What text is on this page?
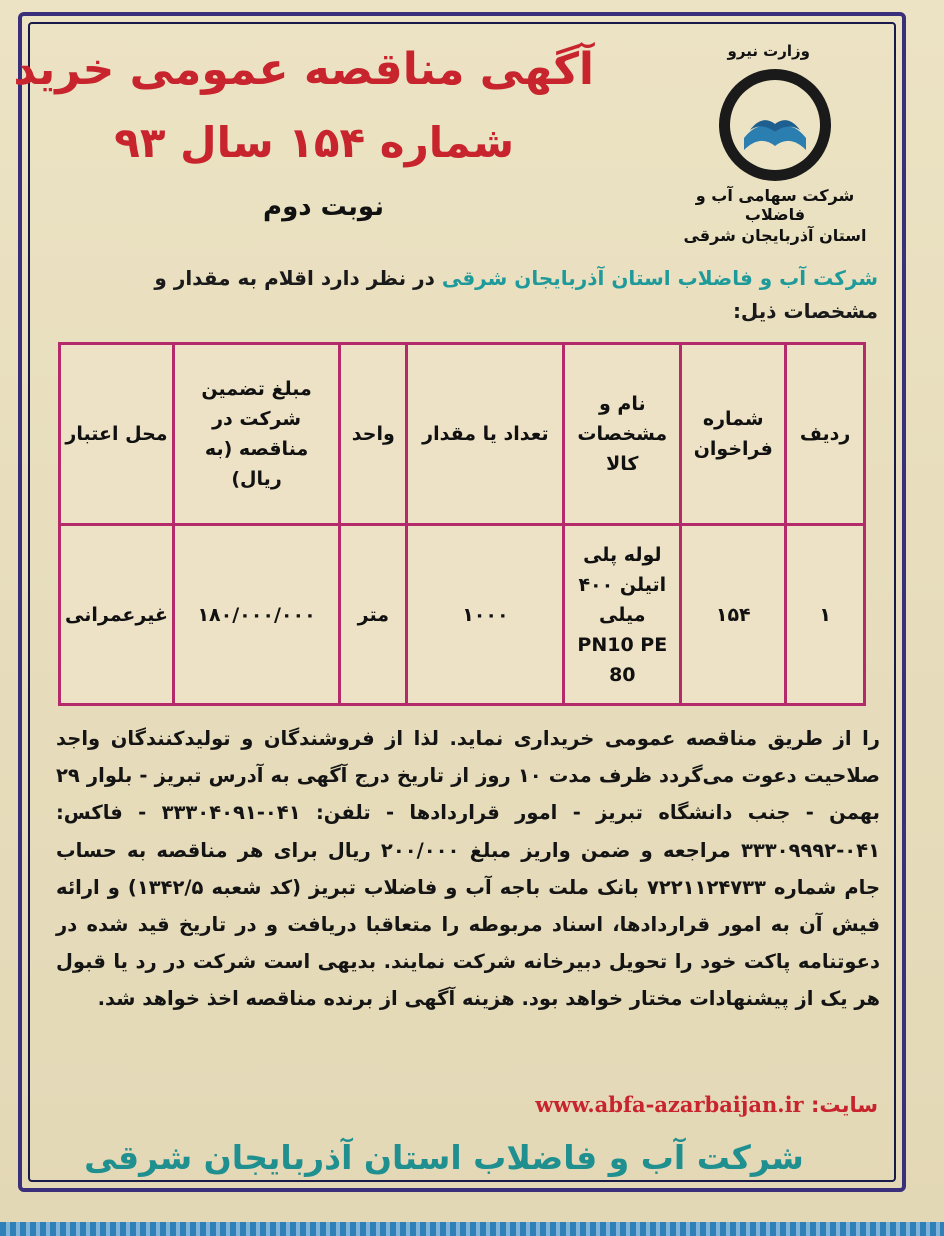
وزارت نیرو
شرکت سهامی آب و فاضلاب
استان آذربایجان شرقی
آگهی مناقصه عمومی خرید
شماره ۱۵۴ سال ۹۳
نوبت دوم
شرکت آب و فاضلاب استان آذربایجان شرقی در نظر دارد اقلام به مقدار و مشخصات ذیل:
ردیف	شماره فراخوان	نام و مشخصات کالا	تعداد یا مقدار	واحد	مبلغ تضمین شرکت در مناقصه (به ریال)	محل اعتبار
۱	۱۵۴	لوله پلی اتیلن ۴۰۰ میلی PN10 PE 80	۱۰۰۰	متر	۱۸۰/۰۰۰/۰۰۰	غیرعمرانی
را از طریق مناقصه عمومی خریداری نماید. لذا از فروشندگان و تولیدکنندگان واجد صلاحیت دعوت می‌گردد ظرف مدت ۱۰ روز از تاریخ درج آگهی به آدرس تبریز - بلوار ۲۹ بهمن - جنب دانشگاه تبریز - امور قراردادها - تلفن: ۰۴۱-۳۳۳۰۴۰۹۱ - فاکس: ۰۴۱-۳۳۳۰۹۹۹۲ مراجعه و ضمن واریز مبلغ ۲۰۰/۰۰۰ ریال برای هر مناقصه به حساب جام شماره ۷۲۲۱۱۲۴۷۳۳ بانک ملت باجه آب و فاضلاب تبریز (کد شعبه ۱۳۴۲/۵) و ارائه فیش آن به امور قراردادها، اسناد مربوطه را متعاقبا دریافت و در تاریخ قید شده در دعوتنامه پاکت خود را تحویل دبیرخانه شرکت نمایند. بدیهی است شرکت در رد یا قبول هر یک از پیشنهادات مختار خواهد بود. هزینه آگهی از برنده مناقصه اخذ خواهد شد.
سایت: www.abfa-azarbaijan.ir
شرکت آب و فاضلاب استان آذربایجان شرقی
